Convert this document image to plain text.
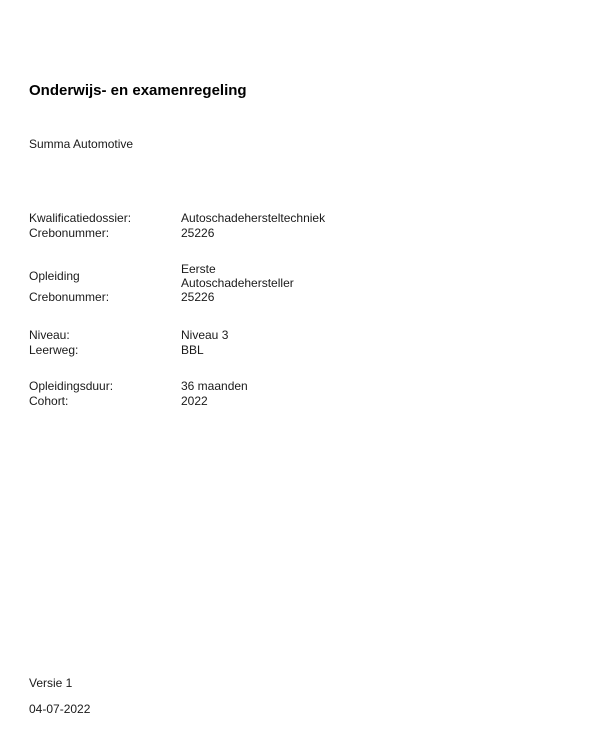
Onderwijs- en examenregeling
Summa Automotive
Kwalificatiedossier:	Autoschadehersteltechniek
Crebonummer:	25226
Opleiding	Eerste
Autoschadehersteller
Crebonummer:	25226
Niveau:	Niveau 3
Leerweg:	BBL
Opleidingsduur:	36 maanden
Cohort:	2022
Versie 1
04-07-2022
